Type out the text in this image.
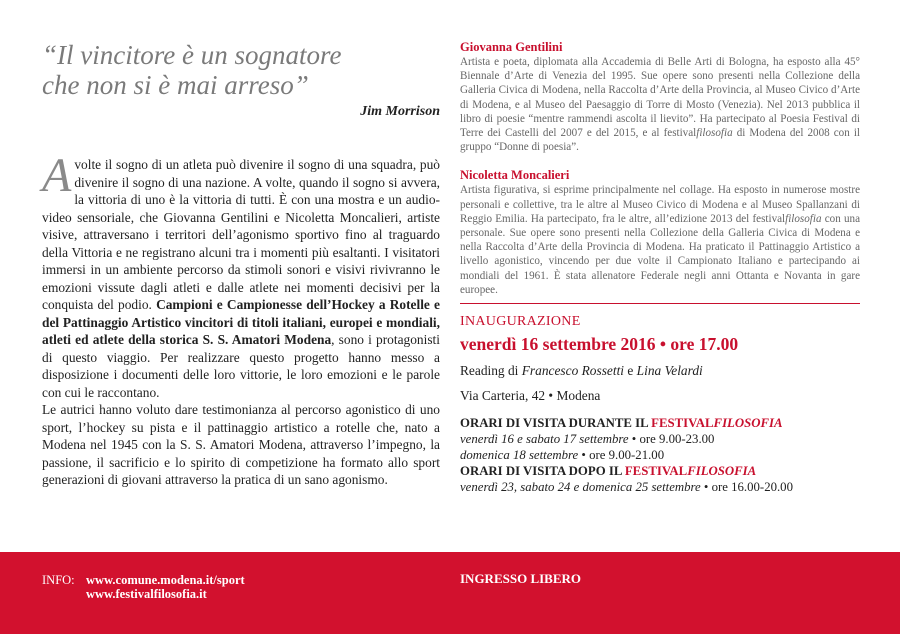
“Il vincitore è un sognatore
che non si è mai arreso”
Jim Morrison
A volte il sogno di un atleta può divenire il sogno di una squadra, può divenire il sogno di una nazione. A volte, quando il sogno si avvera, la vittoria di uno è la vittoria di tutti. È con una mostra e un audio-video sensoriale, che Giovanna Gentilini e Nicoletta Moncalieri, artiste visive, attraversano i territori dell’agonismo sportivo fino al traguardo della Vittoria e ne registrano alcuni tra i momenti più esaltanti. I visitatori immersi in un ambiente percorso da stimoli sonori e visivi rivivranno le emozioni vissute dagli atleti e dalle atlete nei momenti decisivi per la conquista del podio. Campioni e Campionesse dell’Hockey a Rotelle e del Pattinaggio Artistico vincitori di titoli italiani, europei e mondiali, atleti ed atlete della storica S. S. Amatori Modena, sono i protagonisti di questo viaggio. Per realizzare questo progetto hanno messo a disposizione i documenti delle loro vittorie, le loro emozioni e le parole con cui le raccontano.
Le autrici hanno voluto dare testimonianza al percorso agonistico di uno sport, l’hockey su pista e il pattinaggio artistico a rotelle che, nato a Modena nel 1945 con la S. S. Amatori Modena, attraverso l’impegno, la passione, il sacrificio e lo spirito di competizione ha formato allo sport generazioni di giovani attraverso la pratica di un sano agonismo.
Giovanna Gentilini
Artista e poeta, diplomata alla Accademia di Belle Arti di Bologna, ha esposto alla 45° Biennale d’Arte di Venezia del 1995. Sue opere sono presenti nella Collezione della Galleria Civica di Modena, nella Raccolta d’Arte della Provincia, al Museo Civico d’Arte di Modena, e al Museo del Paesaggio di Torre di Mosto (Venezia). Nel 2013 pubblica il libro di poesie “mentre rammendi ascolta il lievito”. Ha partecipato al Poesia Festival di Terre dei Castelli del 2007 e del 2015, e al festivalfilosofia di Modena del 2008 con il gruppo “Donne di poesia”.
Nicoletta Moncalieri
Artista figurativa, si esprime principalmente nel collage. Ha esposto in numerose mostre personali e collettive, tra le altre al Museo Civico di Modena e al Museo Spallanzani di Reggio Emilia. Ha partecipato, fra le altre, all’edizione 2013 del festivalfilosofia con una personale. Sue opere sono presenti nella Collezione della Galleria Civica di Modena e nella Raccolta d’Arte della Provincia di Modena. Ha praticato il Pattinaggio Artistico a livello agonistico, vincendo per due volte il Campionato Italiano e partecipando ai mondiali del 1961. È stata allenatore Federale negli anni Ottanta e Novanta in gare europee.
INAUGURAZIONE
venerdì 16 settembre 2016 • ore 17.00
Reading di Francesco Rossetti e Lina Velardi
Via Carteria, 42 • Modena
ORARI DI VISITA DURANTE IL FESTIVALFILOSOFIA
venerdì 16 e sabato 17 settembre • ore 9.00-23.00
domenica 18 settembre • ore 9.00-21.00
ORARI DI VISITA DOPO IL FESTIVALFILOSOFIA
venerdì 23, sabato 24 e domenica 25 settembre • ore 16.00-20.00
INFO: www.comune.modena.it/sport
www.festivalfilosofia.it
INGRESSO LIBERO
